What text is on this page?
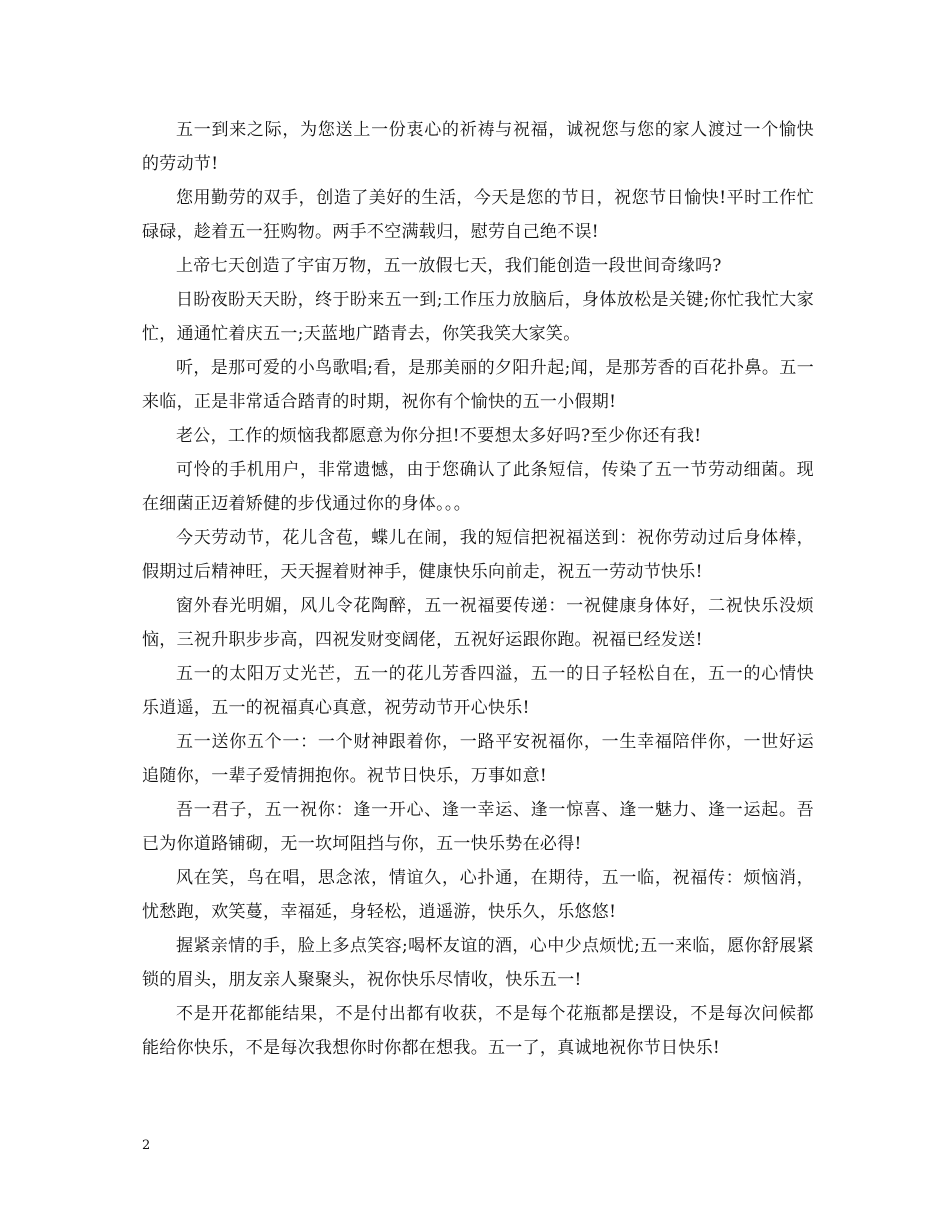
五一到来之际，为您送上一份衷心的祈祷与祝福，诚祝您与您的家人渡过一个愉快的劳动节!

您用勤劳的双手，创造了美好的生活，今天是您的节日，祝您节日愉快!平时工作忙碌碌，趁着五一狂购物。两手不空满载归，慰劳自己绝不误!

上帝七天创造了宇宙万物，五一放假七天，我们能创造一段世间奇缘吗?

日盼夜盼天天盼，终于盼来五一到;工作压力放脑后，身体放松是关键;你忙我忙大家忙，通通忙着庆五一;天蓝地广踏青去，你笑我笑大家笑。

听，是那可爱的小鸟歌唱;看，是那美丽的夕阳升起;闻，是那芳香的百花扑鼻。五一来临，正是非常适合踏青的时期，祝你有个愉快的五一小假期!

老公，工作的烦恼我都愿意为你分担!不要想太多好吗?至少你还有我!

可怜的手机用户，非常遗憾，由于您确认了此条短信，传染了五一节劳动细菌。现在细菌正迈着矫健的步伐通过你的身体。。。

今天劳动节，花儿含苞，蝶儿在闹，我的短信把祝福送到：祝你劳动过后身体棒，假期过后精神旺，天天握着财神手，健康快乐向前走，祝五一劳动节快乐!

窗外春光明媚，风儿令花陶醉，五一祝福要传递：一祝健康身体好，二祝快乐没烦恼，三祝升职步步高，四祝发财变阔佬，五祝好运跟你跑。祝福已经发送!

五一的太阳万丈光芒，五一的花儿芳香四溢，五一的日子轻松自在，五一的心情快乐逍遥，五一的祝福真心真意，祝劳动节开心快乐!

五一送你五个一：一个财神跟着你，一路平安祝福你，一生幸福陪伴你，一世好运追随你，一辈子爱情拥抱你。祝节日快乐，万事如意!

吾一君子，五一祝你：逢一开心、逢一幸运、逢一惊喜、逢一魅力、逢一运起。吾已为你道路铺砌，无一坎坷阻挡与你，五一快乐势在必得!

风在笑，鸟在唱，思念浓，情谊久，心扑通，在期待，五一临，祝福传：烦恼消，忧愁跑，欢笑蔓，幸福延，身轻松，逍遥游，快乐久，乐悠悠!

握紧亲情的手，脸上多点笑容;喝杯友谊的酒，心中少点烦忧;五一来临，愿你舒展紧锁的眉头，朋友亲人聚聚头，祝你快乐尽情收，快乐五一!

不是开花都能结果，不是付出都有收获，不是每个花瓶都是摆设，不是每次问候都能给你快乐，不是每次我想你时你都在想我。五一了，真诚地祝你节日快乐!

2
